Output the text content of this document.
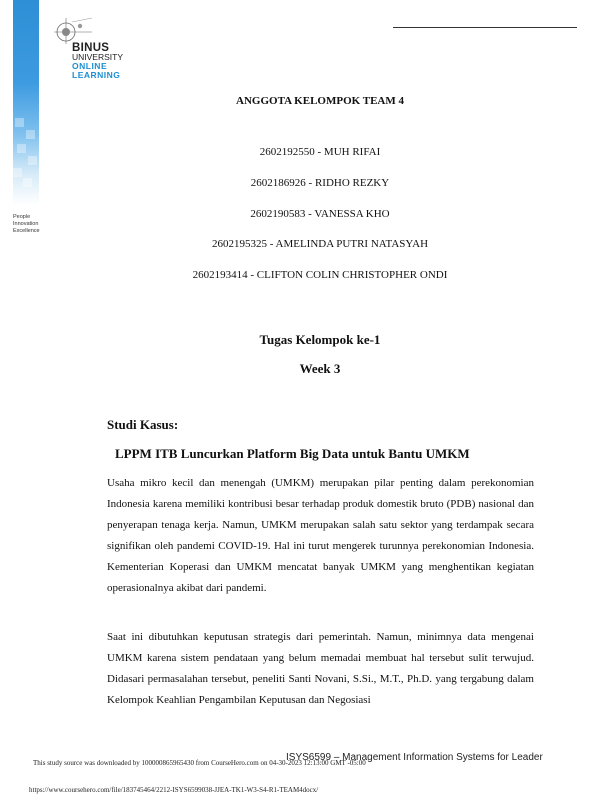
People
Innovation
Excellence
BINUS
UNIVERSITY
ONLINE
LEARNING
ANGGOTA KELOMPOK TEAM 4
2602192550 - MUH RIFAI
2602186926 - RIDHO REZKY
2602190583 - VANESSA KHO
2602195325 - AMELINDA PUTRI NATASYAH
2602193414 - CLIFTON COLIN CHRISTOPHER ONDI
Tugas Kelompok ke-1
Week 3
Studi Kasus:
LPPM ITB Luncurkan Platform Big Data untuk Bantu UMKM

Usaha mikro kecil dan menengah (UMKM) merupakan pilar penting dalam perekonomian Indonesia karena memiliki kontribusi besar terhadap produk domestik bruto (PDB) nasional dan penyerapan tenaga kerja. Namun, UMKM merupakan salah satu sektor yang terdampak secara signifikan oleh pandemi COVID-19. Hal ini turut mengerek turunnya perekonomian Indonesia. Kementerian Koperasi dan UMKM mencatat banyak UMKM yang menghentikan kegiatan operasionalnya akibat dari pandemi.

Saat ini dibutuhkan keputusan strategis dari pemerintah. Namun, minimnya data mengenai UMKM karena sistem pendataan yang belum memadai membuat hal tersebut sulit terwujud. Didasari permasalahan tersebut, peneliti Santi Novani, S.Si., M.T., Ph.D. yang tergabung dalam Kelompok Keahlian Pengambilan Keputusan dan Negosiasi

ISYS6599 – Management Information Systems for Leader
This study source was downloaded by 100000865965430 from CourseHero.com on 04-30-2023 12:13:00 GMT -05:00
https://www.coursehero.com/file/183745464/2212-ISYS6599038-JJEA-TK1-W3-S4-R1-TEAM4docx/
